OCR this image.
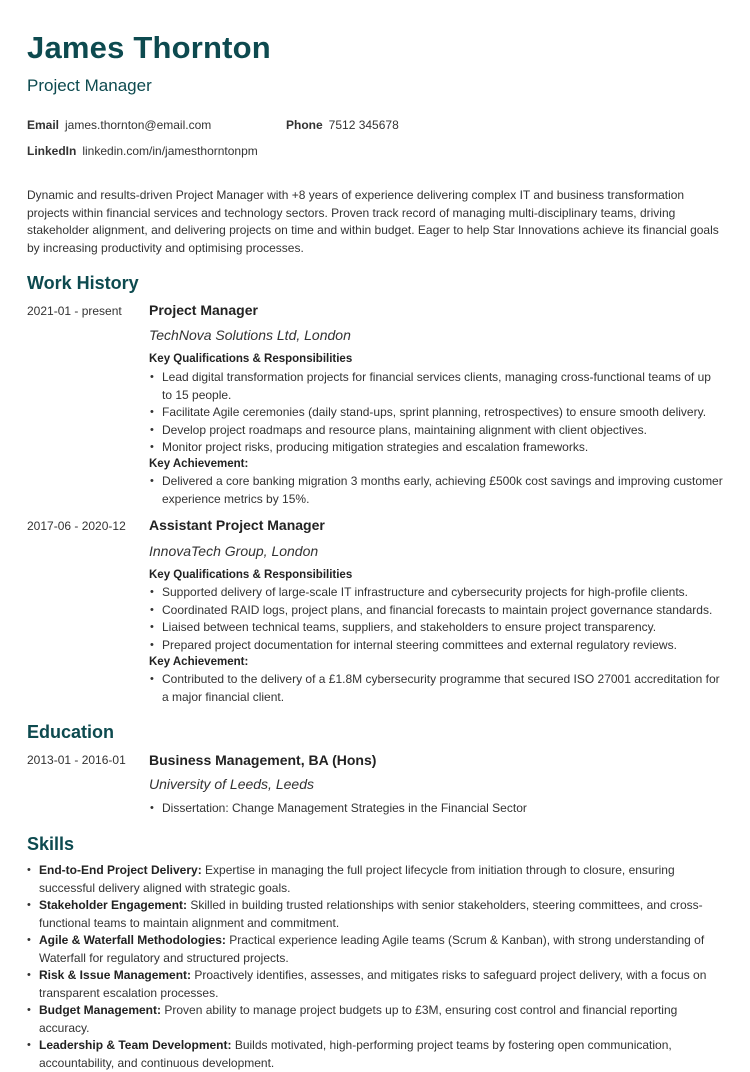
James Thornton
Project Manager
Email james.thornton@email.com	Phone 7512 345678
LinkedIn linkedin.com/in/jamesthorntonpm
Dynamic and results-driven Project Manager with +8 years of experience delivering complex IT and business transformation projects within financial services and technology sectors. Proven track record of managing multi-disciplinary teams, driving stakeholder alignment, and delivering projects on time and within budget. Eager to help Star Innovations achieve its financial goals by increasing productivity and optimising processes.
Work History
2021-01 - present Project Manager
TechNova Solutions Ltd, London
Key Qualifications & Responsibilities
• Lead digital transformation projects for financial services clients, managing cross-functional teams of up to 15 people.
• Facilitate Agile ceremonies (daily stand-ups, sprint planning, retrospectives) to ensure smooth delivery.
• Develop project roadmaps and resource plans, maintaining alignment with client objectives.
• Monitor project risks, producing mitigation strategies and escalation frameworks.
Key Achievement:
• Delivered a core banking migration 3 months early, achieving £500k cost savings and improving customer experience metrics by 15%.
2017-06 - 2020-12 Assistant Project Manager
InnovaTech Group, London
Key Qualifications & Responsibilities
• Supported delivery of large-scale IT infrastructure and cybersecurity projects for high-profile clients.
• Coordinated RAID logs, project plans, and financial forecasts to maintain project governance standards.
• Liaised between technical teams, suppliers, and stakeholders to ensure project transparency.
• Prepared project documentation for internal steering committees and external regulatory reviews.
Key Achievement:
• Contributed to the delivery of a £1.8M cybersecurity programme that secured ISO 27001 accreditation for a major financial client.
Education
2013-01 - 2016-01 Business Management, BA (Hons)
University of Leeds, Leeds
• Dissertation: Change Management Strategies in the Financial Sector
Skills
• End-to-End Project Delivery: Expertise in managing the full project lifecycle from initiation through to closure, ensuring successful delivery aligned with strategic goals.
• Stakeholder Engagement: Skilled in building trusted relationships with senior stakeholders, steering committees, and cross-functional teams to maintain alignment and commitment.
• Agile & Waterfall Methodologies: Practical experience leading Agile teams (Scrum & Kanban), with strong understanding of Waterfall for regulatory and structured projects.
• Risk & Issue Management: Proactively identifies, assesses, and mitigates risks to safeguard project delivery, with a focus on transparent escalation processes.
• Budget Management: Proven ability to manage project budgets up to £3M, ensuring cost control and financial reporting accuracy.
• Leadership & Team Development: Builds motivated, high-performing project teams by fostering open communication, accountability, and continuous development.
